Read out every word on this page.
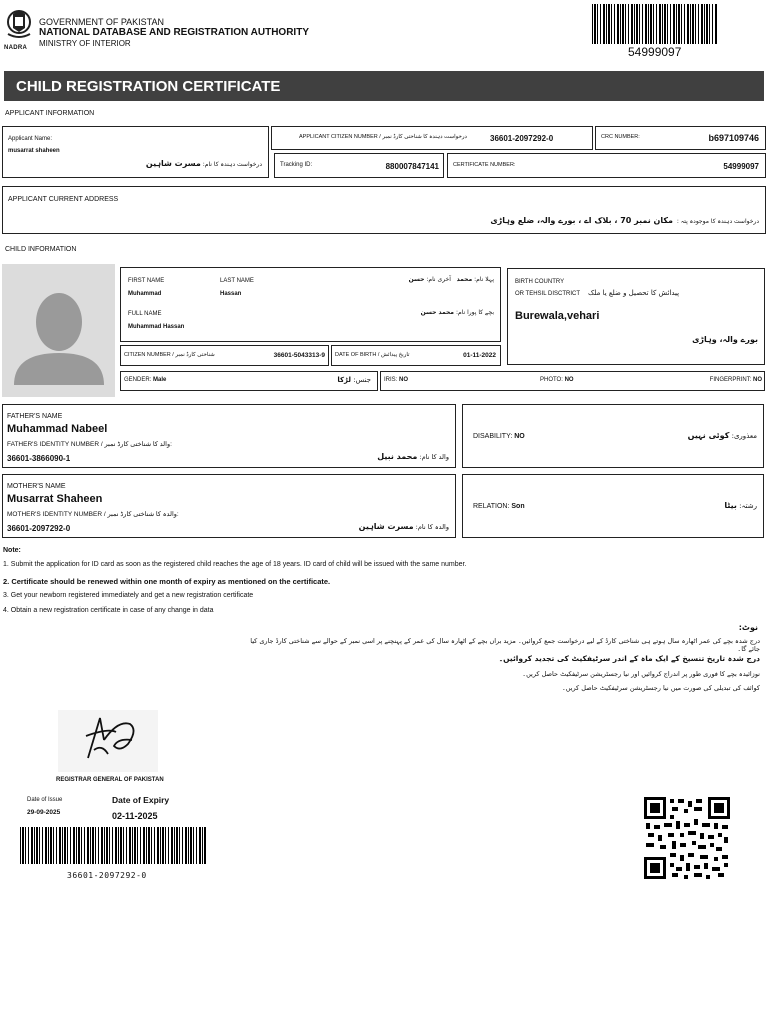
NADRA
GOVERNMENT OF PAKISTAN
NATIONAL DATABASE AND REGISTRATION AUTHORITY
MINISTRY OF INTERIOR
54999097
CHILD REGISTRATION CERTIFICATE
APPLICANT INFORMATION
Applicant Name:
musarrat shaheen
درخواست دہندہ کا نام: مسرت شاہین
APPLICANT CITIZEN NUMBER / درخواست دہندہ کا شناختی کارڈ نمبر	36601-2097292-0	CRC NUMBER:	b697109746
Tracking ID:	880007847141	CERTIFICATE NUMBER:	54999097
APPLICANT CURRENT ADDRESS
درخواست دہندہ کا موجودہ پتہ :  مکان نمبر 70 ، بلاک اے ، بورے والہ، ضلع وہاڑی
CHILD INFORMATION
FIRST NAME
Muhammad
LAST NAME
Hassan
پہلا نام: محمد   آخری نام: حسن
FULL NAME
Muhammad Hassan
بچے کا پورا نام: محمد حسن
BIRTH COUNTRY
OR TEHSIL DISCTRICT پیدائش کا تحصیل و ضلع یا ملک
Burewala,vehari
بورے والہ، وہاڑی
CITIZEN NUMBER / شناختی کارڈ نمبر	36601-5043313-9 DATE OF BIRTH / تاریخ پیدائش	01-11-2022
GENDER: Male	جنس: لڑکا	IRIS: NO	PHOTO: NO	FINGERPRINT: NO
FATHER'S NAME
Muhammad Nabeel
FATHER'S IDENTITY NUMBER / والد کا شناختی کارڈ نمبر:
36601-3866090-1	والد کا نام: محمد نبیل
DISABILITY: NO	معذوری: کوئی نہیں
MOTHER'S NAME
Musarrat Shaheen
MOTHER'S IDENTITY NUMBER / والدہ کا شناختی کارڈ نمبر:
36601-2097292-0	والدہ کا نام: مسرت شاہین
RELATION: Son	رشتہ: بیٹا
Note:
1. Submit the application for ID card as soon as the registered child reaches the age of 18 years. ID card of child will be issued with the same number.
2. Certificate should be renewed within one month of expiry as mentioned on the certificate.
3. Get your newborn registered immediately and get a new registration certificate
4. Obtain a new registration certificate in case of any change in data
نوٹ:
درج شدہ بچے کی عمر اٹھارہ سال ہوتے ہی شناختی کارڈ کے لیے درخواست جمع کروائیں۔ مزید براں بچے کے اٹھارہ سال کی عمر کے پہنچنے پر اسی نمبر کے حوالے سے شناختی کارڈ جاری کیا جائے گا۔
درج شدہ تاریخ تنسیخ کے ایک ماہ کے اندر سرٹیفکیٹ کی تجدید کروائیں۔
نوزائیدہ بچے کا فوری طور پر اندراج کروائیں اور نیا رجسٹریشن سرٹیفکیٹ حاصل کریں۔
کوائف کی تبدیلی کی صورت میں نیا رجسٹریشن سرٹیفکیٹ حاصل کریں۔
REGISTRAR GENERAL OF PAKISTAN
Date of Issue
29-09-2025
Date of Expiry
02-11-2025
36601-2097292-0
